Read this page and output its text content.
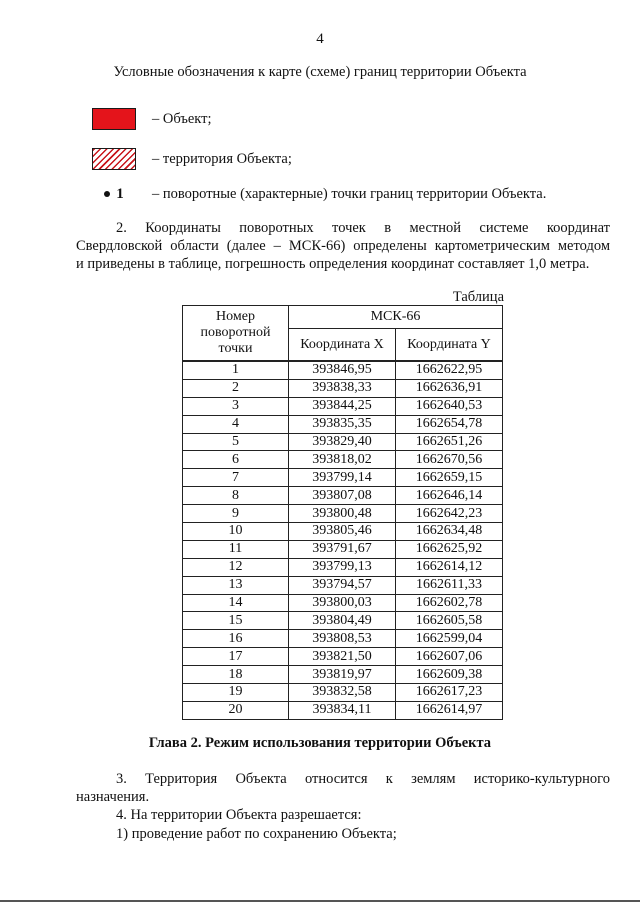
4
Условные обозначения к карте (схеме) границ территории Объекта
– Объект;
– территория Объекта;
1 – поворотные (характерные) точки границ территории Объекта.
2. Координаты поворотных точек в местной системе координат
Свердловской области (далее – МСК-66) определены картометрическим методом
и приведены в таблице, погрешность определения координат составляет 1,0 метра.
Таблица
Номер поворотной точки	МСК-66	
	Координата X	Координата Y
1	393846,95	1662622,95
2	393838,33	1662636,91
3	393844,25	1662640,53
4	393835,35	1662654,78
5	393829,40	1662651,26
6	393818,02	1662670,56
7	393799,14	1662659,15
8	393807,08	1662646,14
9	393800,48	1662642,23
10	393805,46	1662634,48
11	393791,67	1662625,92
12	393799,13	1662614,12
13	393794,57	1662611,33
14	393800,03	1662602,78
15	393804,49	1662605,58
16	393808,53	1662599,04
17	393821,50	1662607,06
18	393819,97	1662609,38
19	393832,58	1662617,23
20	393834,11	1662614,97
Глава 2. Режим использования территории Объекта
3. Территория Объекта относится к землям историко-культурного
назначения.
4. На территории Объекта разрешается:
1) проведение работ по сохранению Объекта;
